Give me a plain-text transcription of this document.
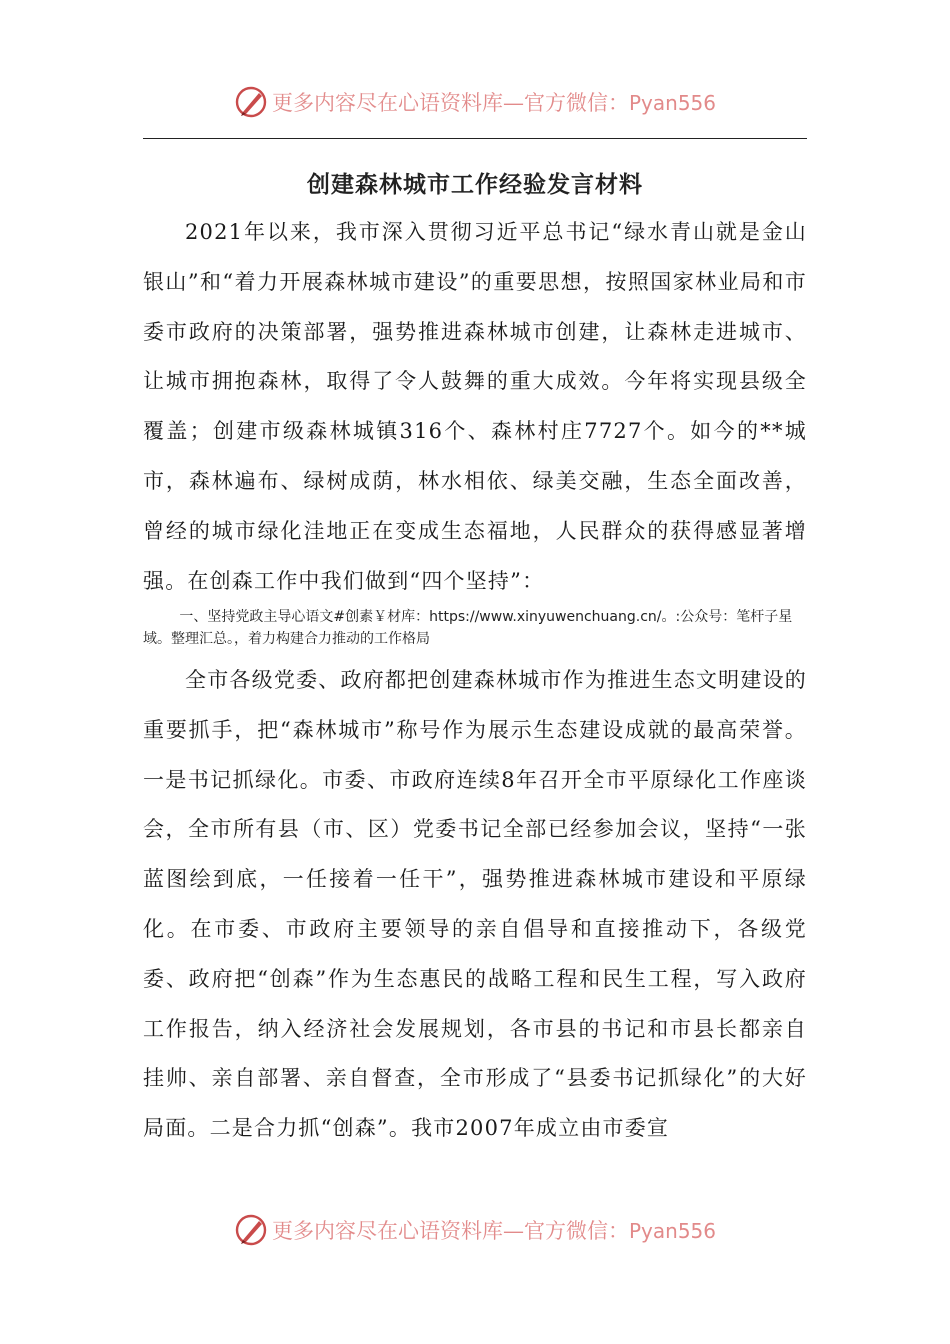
更多内容尽在心语资料库—官方微信：Pyan556
创建森林城市工作经验发言材料

2021年以来，我市深入贯彻习近平总书记“绿水青山就是金山银山”和“着力开展森林城市建设”的重要思想，按照国家林业局和市委市政府的决策部署，强势推进森林城市创建，让森林走进城市、让城市拥抱森林，取得了令人鼓舞的重大成效。今年将实现县级全覆盖；创建市级森林城镇316个、森林村庄7727个。如今的**城市，森林遍布、绿树成荫，林水相依、绿美交融，生态全面改善，曾经的城市绿化洼地正在变成生态福地，人民群众的获得感显著增强。在创森工作中我们做到“四个坚持”：

一、坚持党政主导心语文#创素￥材库：https://www.xinyuwenchuang.cn/。:公众号：笔杆子星域。整理汇总。，着力构建合力推动的工作格局

全市各级党委、政府都把创建森林城市作为推进生态文明建设的重要抓手，把“森林城市”称号作为展示生态建设成就的最高荣誉。一是书记抓绿化。市委、市政府连续8年召开全市平原绿化工作座谈会，全市所有县（市、区）党委书记全部已经参加会议，坚持“一张蓝图绘到底，一任接着一任干”，强势推进森林城市建设和平原绿化。在市委、市政府主要领导的亲自倡导和直接推动下，各级党委、政府把“创森”作为生态惠民的战略工程和民生工程，写入政府工作报告，纳入经济社会发展规划，各市县的书记和市县长都亲自挂帅、亲自部署、亲自督查，全市形成了“县委书记抓绿化”的大好局面。二是合力抓“创森”。我市2007年成立由市委宣

更多内容尽在心语资料库—官方微信：Pyan556
